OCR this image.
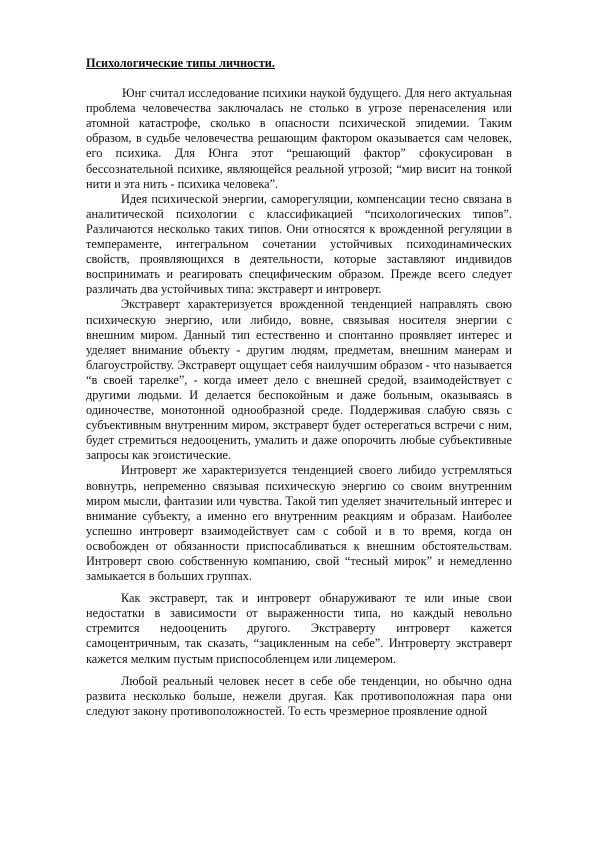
Психологические типы личности.

Юнг считал исследование психики наукой будущего. Для него актуальная проблема человечества заключалась не столько в угрозе перенаселения или атомной катастрофе, сколько в опасности психической эпидемии. Таким образом, в судьбе человечества решающим фактором оказывается сам человек, его психика. Для Юнга этот “решающий фактор” сфокусирован в бессознательной психике, являющейся реальной угрозой; “мир висит на тонкой нити и эта нить - психика человека”.

Идея психической энергии, саморегуляции, компенсации тесно связана в аналитической психологии с классификацией “психологических типов”. Различаются несколько таких типов. Они относятся к врожденной регуляции в темпераменте, интегральном сочетании устойчивых психодинамических свойств, проявляющихся в деятельности, которые заставляют индивидов воспринимать и реагировать специфическим образом. Прежде всего следует различать два устойчивых типа: экстраверт и интроверт.

Экстраверт характеризуется врожденной тенденцией направлять свою психическую энергию, или либидо, вовне, связывая носителя энергии с внешним миром. Данный тип естественно и спонтанно проявляет интерес и уделяет внимание объекту - другим людям, предметам, внешним манерам и благоустройству. Экстраверт ощущает себя наилучшим образом - что называется “в своей тарелке”, - когда имеет дело с внешней средой, взаимодействует с другими людьми. И делается беспокойным и даже больным, оказываясь в одиночестве, монотонной однообразной среде. Поддерживая слабую связь с субъективным внутренним миром, экстраверт будет остерегаться встречи с ним, будет стремиться недооценить, умалить и даже опорочить любые субъективные запросы как эгоистические.

Интроверт же характеризуется тенденцией своего либидо устремляться вовнутрь, непременно связывая психическую энергию со своим внутренним миром мысли, фантазии или чувства. Такой тип уделяет значительный интерес и внимание субъекту, а именно его внутренним реакциям и образам. Наиболее успешно интроверт взаимодействует сам с собой и в то время, когда он освобожден от обязанности приспосабливаться к внешним обстоятельствам. Интроверт свою собственную компанию, свой “тесный мирок” и немедленно замыкается в больших группах.

Как экстраверт, так и интроверт обнаруживают те или иные свои недостатки в зависимости от выраженности типа, но каждый невольно стремится недооценить другого. Экстраверту интроверт кажется самоцентричным, так сказать, “зацикленным на себе”. Интроверту экстраверт кажется мелким пустым приспособленцем или лицемером.

Любой реальный человек несет в себе обе тенденции, но обычно одна развита несколько больше, нежели другая. Как противоположная пара они следуют закону противоположностей. То есть чрезмерное проявление одной
